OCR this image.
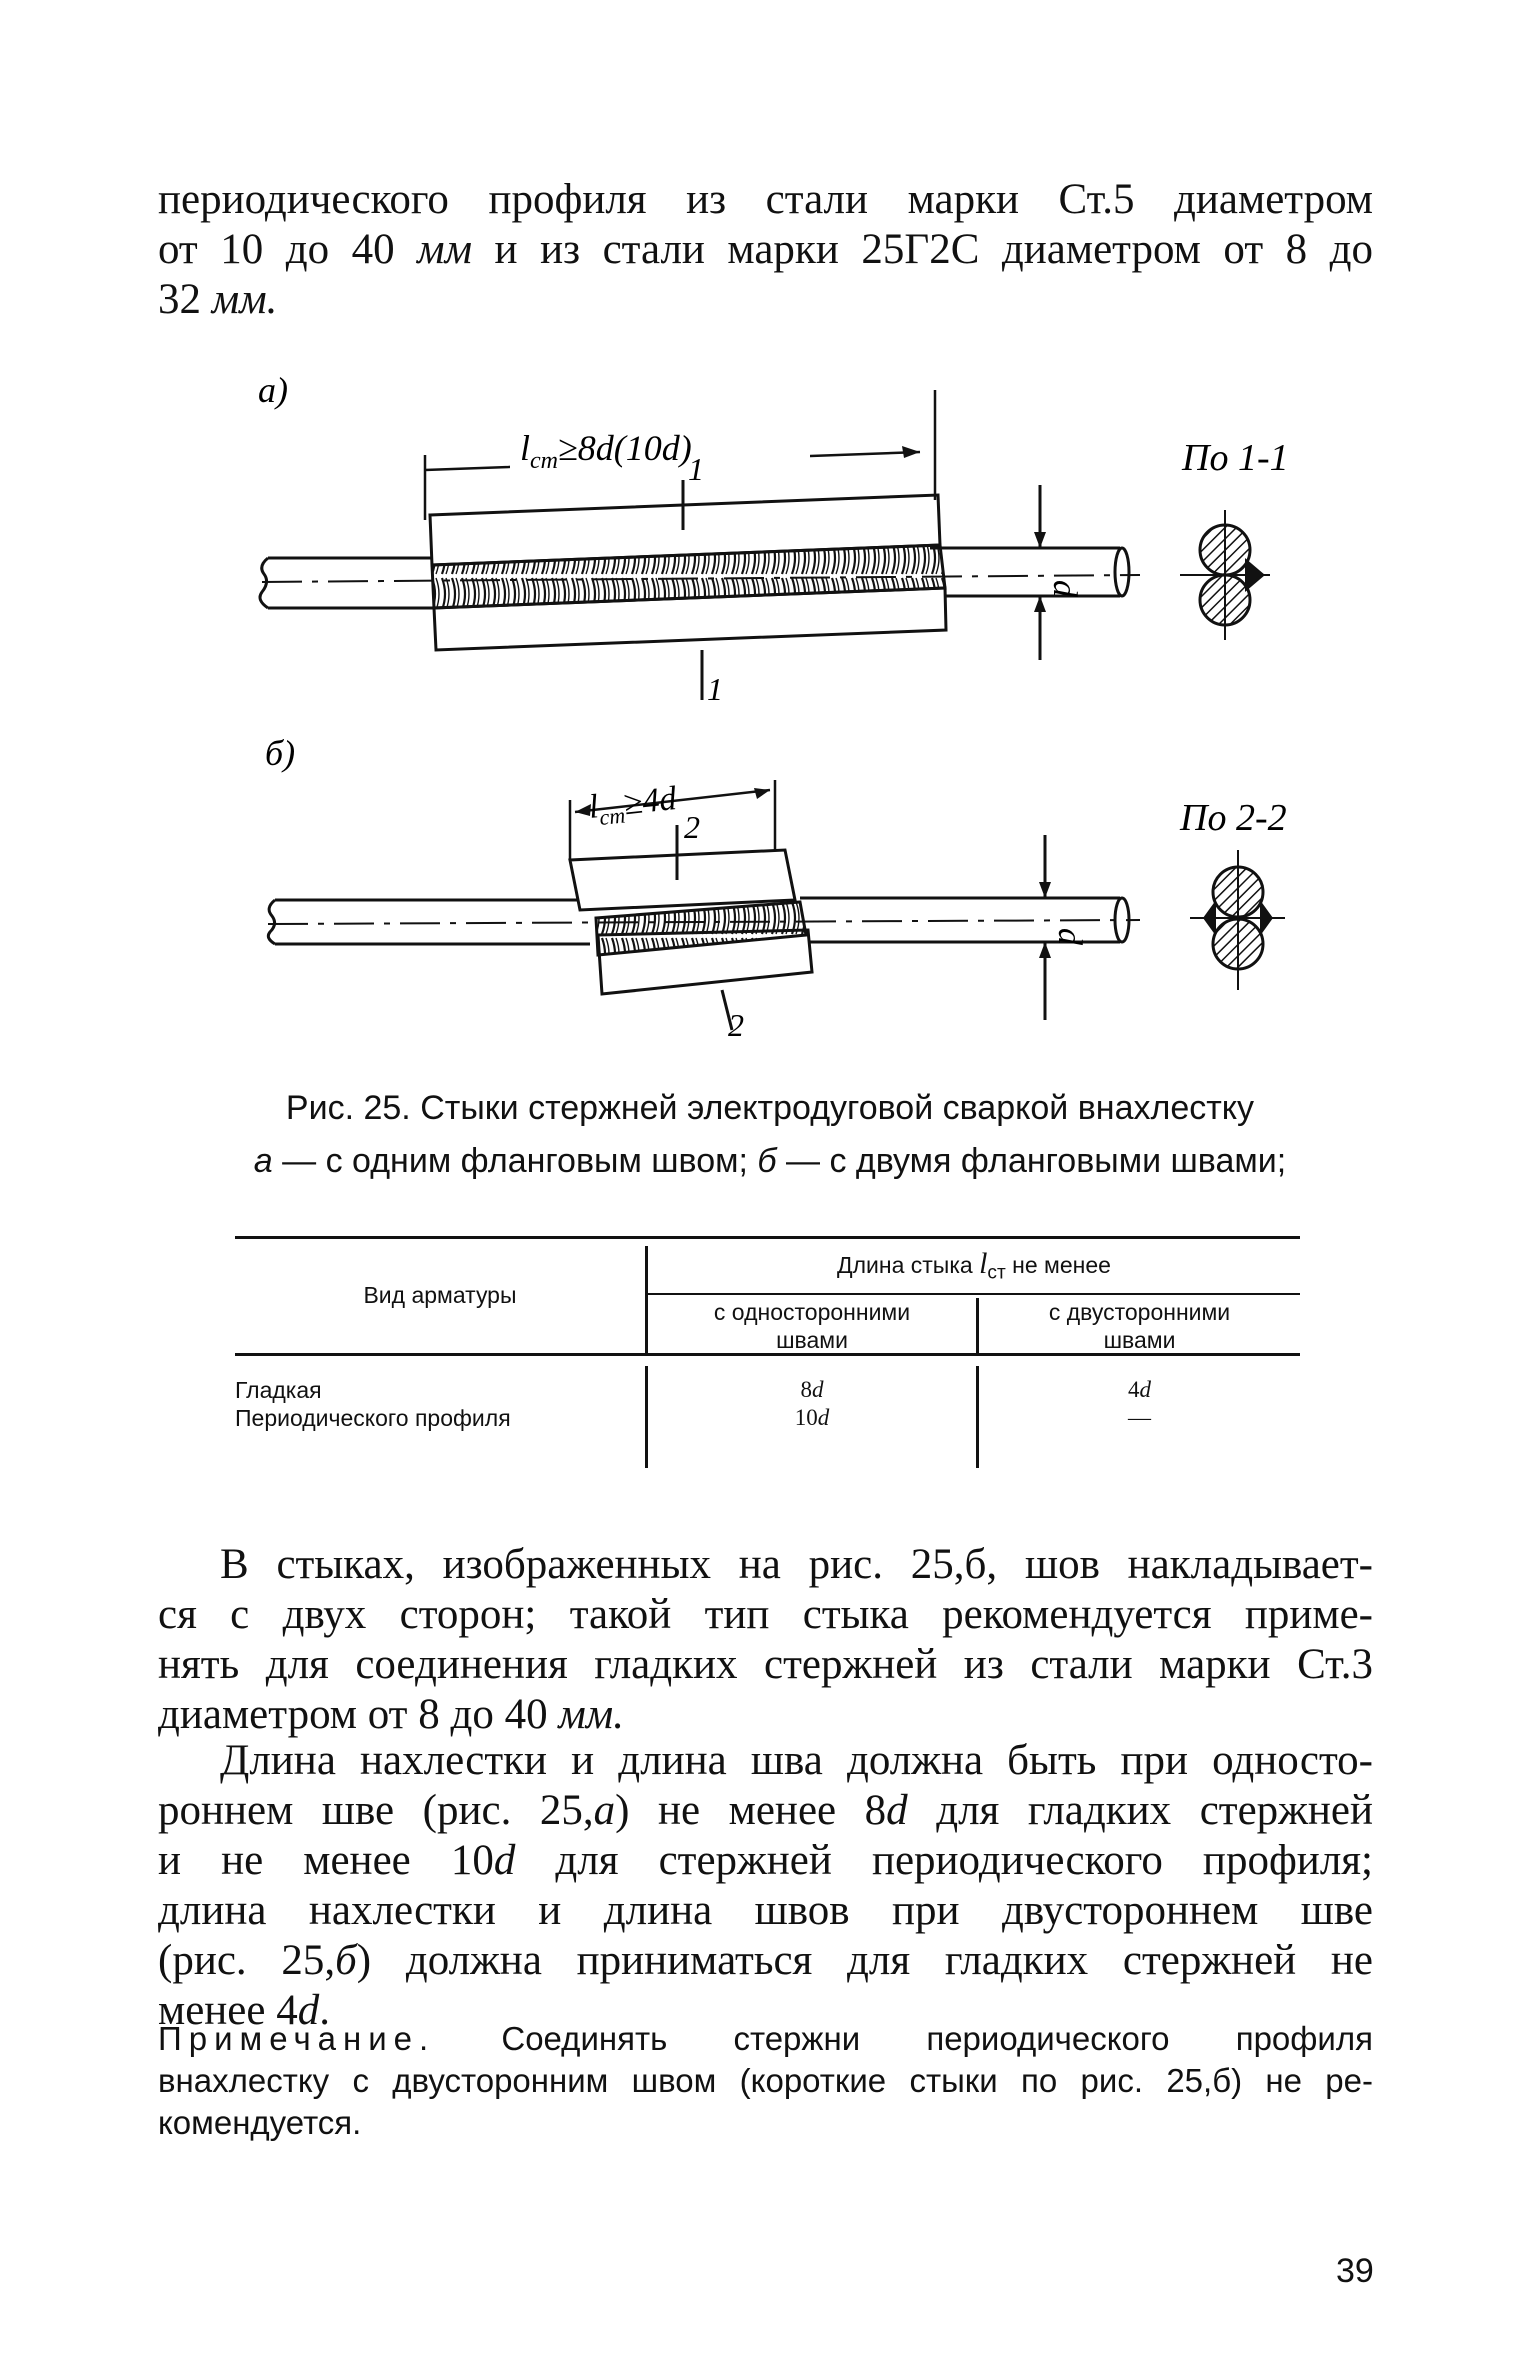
периодического профиля из стали марки Ст.5 диаметром
от 10 до 40 мм и из стали марки 25Г2С диаметром от 8 до
32 мм.
а)
$l_{ст}\ge 8d(10d)$
1
1
d
По 1-1
б)
$l_{ст}\ge 4d$
2
2
d
По 2-2
Рис. 25. Стыки стержней электродуговой сваркой внахлестку
а — с одним фланговым швом; б — с двумя фланговыми швами;
Вид арматуры
Длина стыка $l_{ст}$ не менее
с односторонними
швами
с двусторонними
швами
Гладкая
Периодического профиля
8d
10d
4d
—
В стыках, изображенных на рис. 25,б, шов накладывает-
ся с двух сторон; такой тип стыка рекомендуется приме-
нять для соединения гладких стержней из стали марки Ст.3
диаметром от 8 до 40 мм.
Длина нахлестки и длина шва должна быть при односто-
роннем шве (рис. 25,а) не менее 8d для гладких стержней
и не менее 10d для стержней периодического профиля;
длина нахлестки и длина швов при двустороннем шве
(рис. 25,б) должна приниматься для гладких стержней не
менее 4d.
Примечание. Соединять стержни периодического профиля
внахлестку с двусторонним швом (короткие стыки по рис. 25,б) не ре-
комендуется.
39
